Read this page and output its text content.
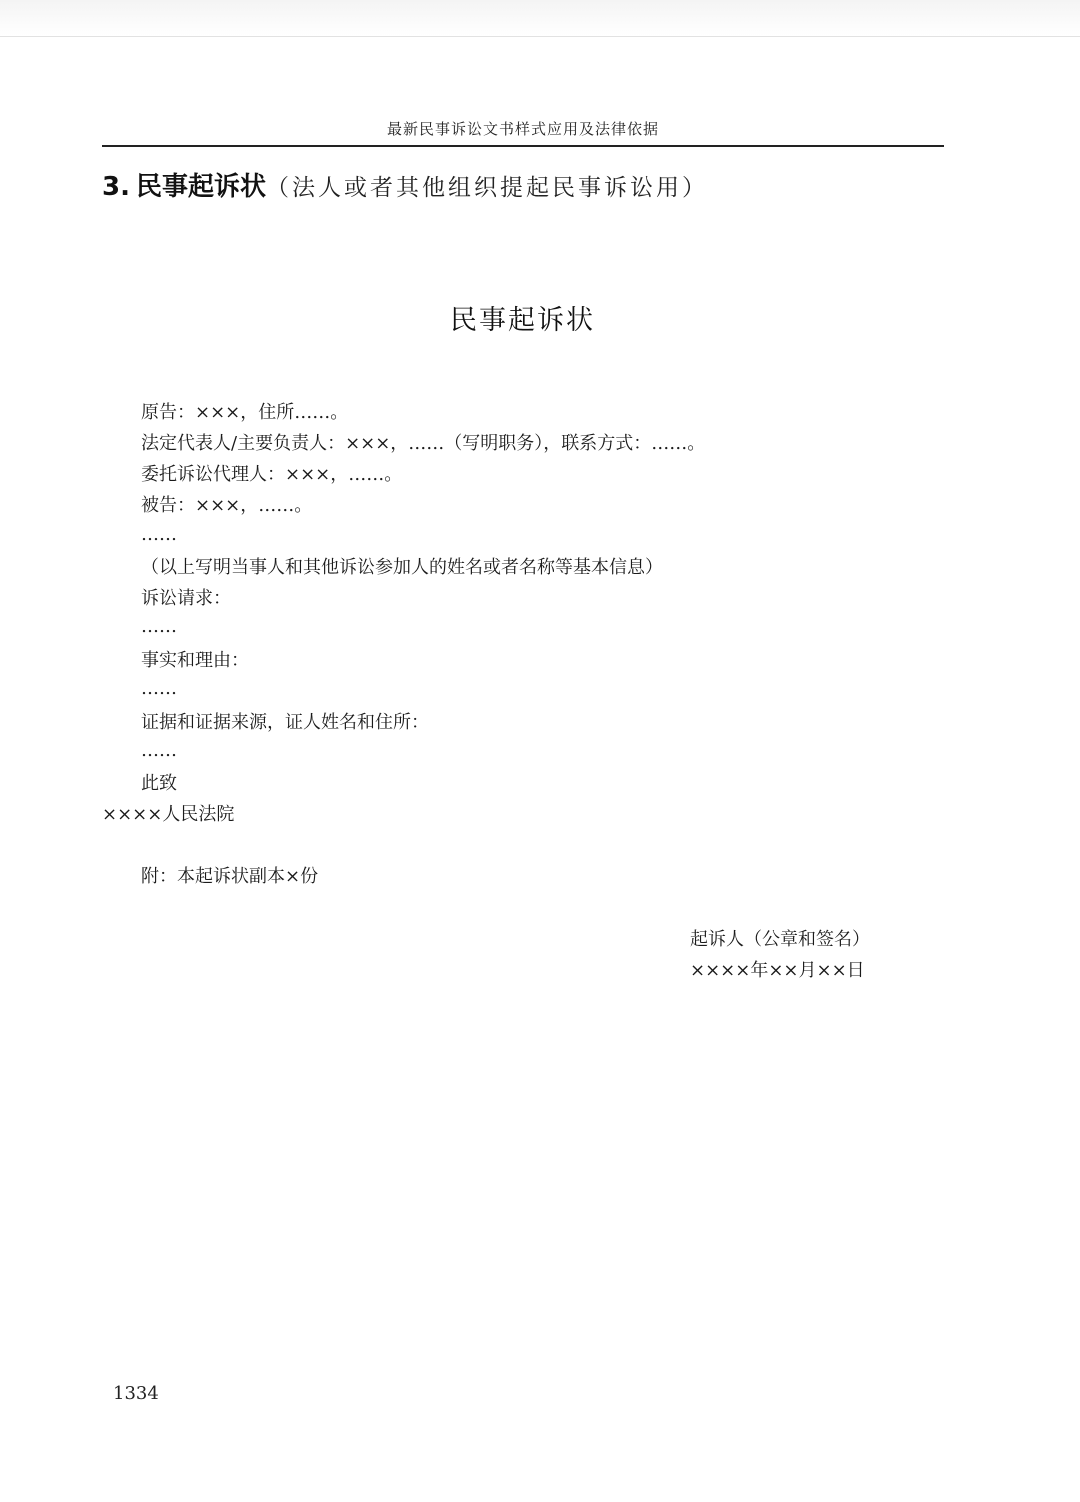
最新民事诉讼文书样式应用及法律依据
3. 民事起诉状（法人或者其他组织提起民事诉讼用）
民事起诉状
原告：×××，住所……。
法定代表人/主要负责人：×××，……（写明职务），联系方式：……。
委托诉讼代理人：×××，……。
被告：×××，……。
……
（以上写明当事人和其他诉讼参加人的姓名或者名称等基本信息）
诉讼请求：
……
事实和理由：
……
证据和证据来源，证人姓名和住所：
……
此致
××××人民法院
附：本起诉状副本×份
起诉人（公章和签名）
××××年××月××日
1334
